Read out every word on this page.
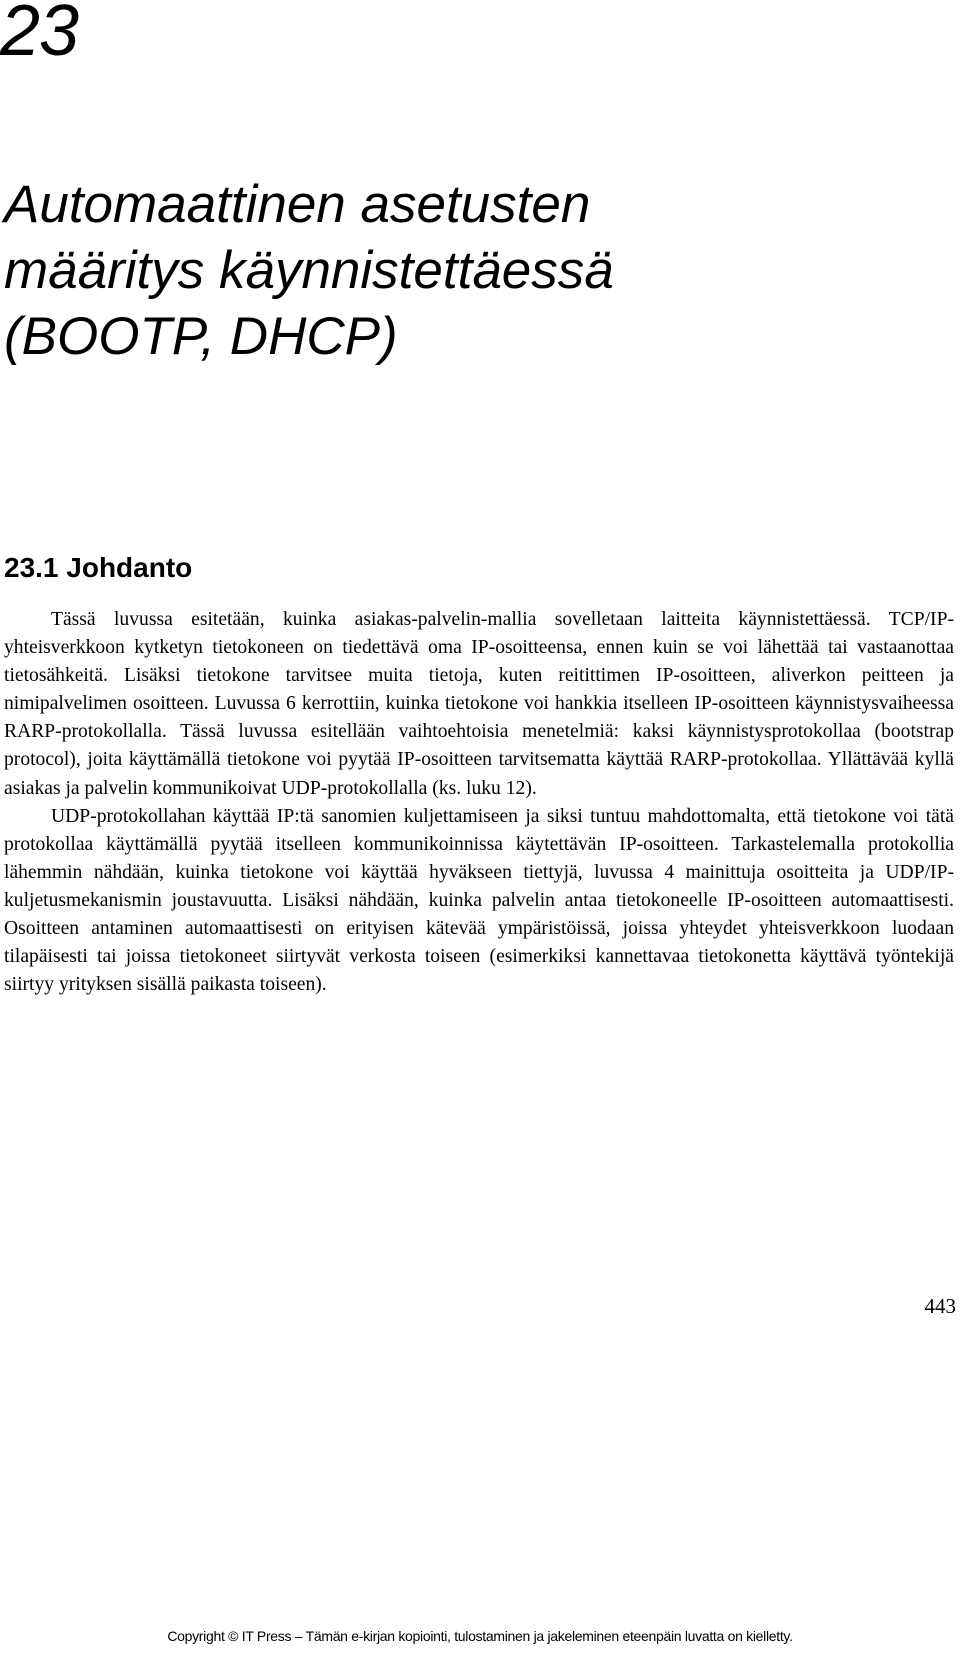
23
Automaattinen asetusten
määritys käynnistettäessä
(BOOTP, DHCP)
23.1 Johdanto

Tässä luvussa esitetään, kuinka asiakas-palvelin-mallia sovelletaan laitteita käynnistettäessä. TCP/IP-yhteisverkkoon kytketyn tietokoneen on tiedettävä oma IP-osoitteensa, ennen kuin se voi lähettää tai vastaanottaa tietosähkeitä. Lisäksi tietokone tarvitsee muita tietoja, kuten reitittimen IP-osoitteen, aliverkon peitteen ja nimipalvelimen osoitteen. Luvussa 6 kerrottiin, kuinka tietokone voi hankkia itselleen IP-osoitteen käynnistysvaiheessa RARP-protokollalla. Tässä luvussa esitellään vaihtoehtoisia menetelmiä: kaksi käynnistysprotokollaa (bootstrap protocol), joita käyttämällä tietokone voi pyytää IP-osoitteen tarvitsematta käyttää RARP-protokollaa. Yllättävää kyllä asiakas ja palvelin kommunikoivat UDP-protokollalla (ks. luku 12).

UDP-protokollahan käyttää IP:tä sanomien kuljettamiseen ja siksi tuntuu mahdottomalta, että tietokone voi tätä protokollaa käyttämällä pyytää itselleen kommunikoinnissa käytettävän IP-osoitteen. Tarkastelemalla protokollia lähemmin nähdään, kuinka tietokone voi käyttää hyväkseen tiettyjä, luvussa 4 mainittuja osoitteita ja UDP/IP-kuljetusmekanismin joustavuutta. Lisäksi nähdään, kuinka palvelin antaa tietokoneelle IP-osoitteen automaattisesti. Osoitteen antaminen automaattisesti on erityisen kätevää ympäristöissä, joissa yhteydet yhteisverkkoon luodaan tilapäisesti tai joissa tietokoneet siirtyvät verkosta toiseen (esimerkiksi kannettavaa tietokonetta käyttävä työntekijä siirtyy yrityksen sisällä paikasta toiseen).

443
Copyright © IT Press – Tämän e-kirjan kopiointi, tulostaminen ja jakeleminen eteenpäin luvatta on kielletty.
